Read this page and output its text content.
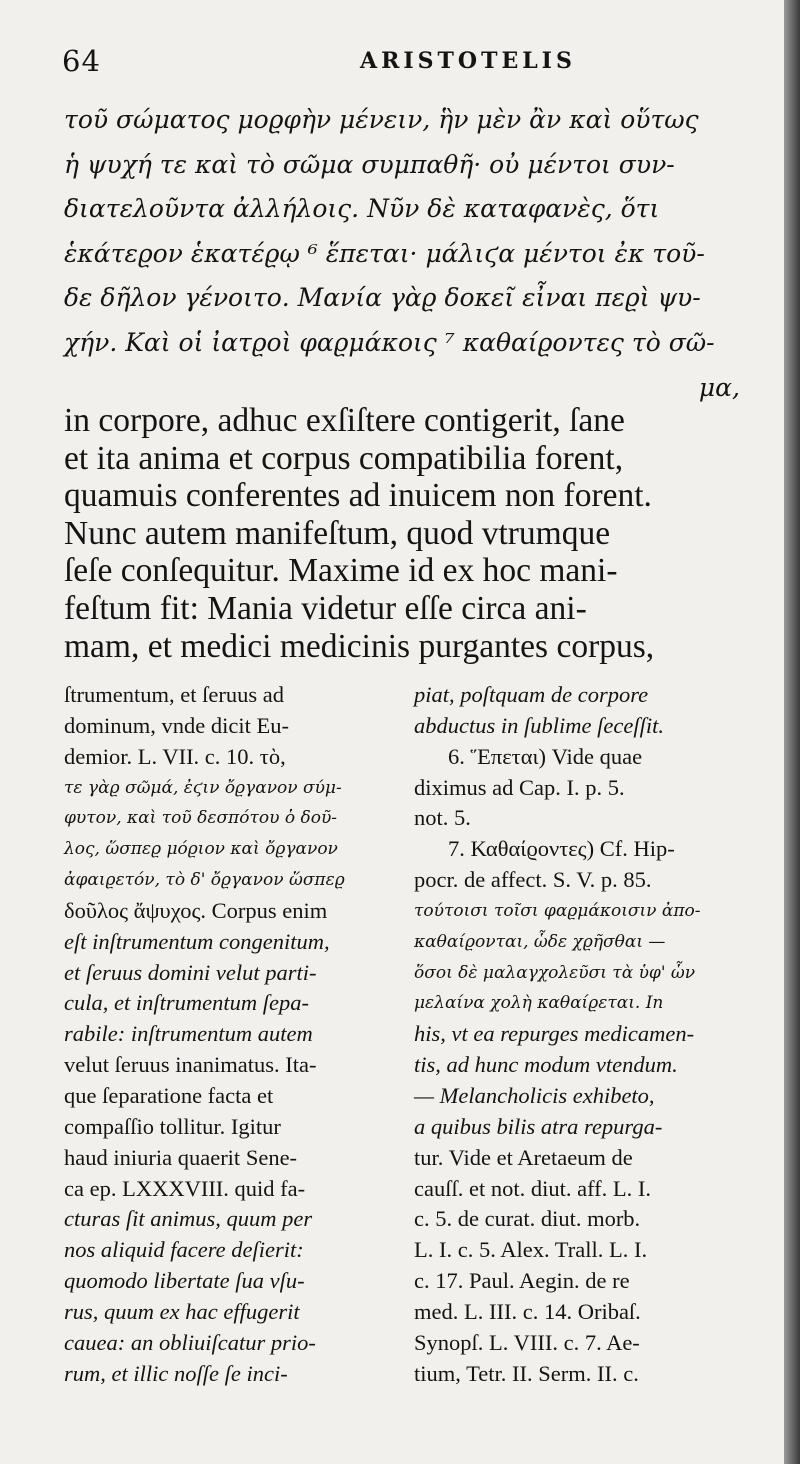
64	ARISTOTELIS
τοῦ σώματος μοϱφὴν μένειν, ἣν μὲν ἂν καὶ οὕτως
ἡ ψυχή τε καὶ τὸ σῶμα συμπαθῆ· οὐ μέντοι συν-
διατελοῦντα ἀλλήλοις. Νῦν δὲ καταφανὲς, ὅτι
ἑκάτεϱον ἑκατέϱῳ ⁶ ἕπεται· μάλιϛα μέντοι ἐκ τοῦ-
δε δῆλον γένοιτο. Μανία γὰϱ δοκεῖ εἶναι πεϱὶ ψυ-
χήν. Καὶ οἱ ἰατϱοὶ φαϱμάκοις ⁷ καθαίϱοντες τὸ σῶ-
μα,
in corpore, adhuc exſiſtere contigerit, ſane
et ita anima et corpus compatibilia forent,
quamuis conferentes ad inuicem non forent.
Nunc autem manifeſtum, quod vtrumque
ſeſe conſequitur. Maxime id ex hoc mani-
feſtum fit: Mania videtur eſſe circa ani-
mam, et medici medicinis purgantes corpus,
ſtrumentum, et ſeruus ad
dominum, vnde dicit Eu-
demior. L. VII. c. 10. τὸ,
τε γὰϱ σῶμά, ἐϛιν ὄϱγανον σύμ-
φυτον, καὶ τοῦ δεσπότου ὁ δοῦ-
λος, ὥσπεϱ μόϱιον καὶ ὄϱγανον
ἀφαιϱετόν, τὸ δ' ὄϱγανον ὥσπεϱ
δοῦλος ἄψυχος. Corpus enim
eſt inſtrumentum congenitum,
et ſeruus domini velut parti-
cula, et inſtrumentum ſepa-
rabile: inſtrumentum autem
velut ſeruus inanimatus. Ita-
que ſeparatione facta et
compaſſio tollitur. Igitur
haud iniuria quaerit Sene-
ca ep. LXXXVIII. quid fa-
cturas ſit animus, quum per
nos aliquid facere deſierit:
quomodo libertate ſua vſu-
rus, quum ex hac effugerit
cauea: an obliuiſcatur prio-
rum, et illic noſſe ſe inci-
piat, poſtquam de corpore
abductus in ſublime ſeceſſit.
6. Ἕπεται) Vide quae
diximus ad Cap. I. p. 5.
not. 5.
7. Καθαίϱοντες) Cf. Hip-
pocr. de affect. S. V. p. 85.
τούτοισι τοῖσι φαϱμάκοισιν ἀπο-
καθαίϱονται, ὧδε χϱῆσθαι —
ὅσοι δὲ μαλαγχολεῦσι τὰ ὑφ' ὧν
μελαίνα χολὴ καθαίϱεται. In
his, vt ea repurges medicamen-
tis, ad hunc modum vtendum.
— Melancholicis exhibeto,
a quibus bilis atra repurga-
tur. Vide et Aretaeum de
cauſſ. et not. diut. aff. L. I.
c. 5. de curat. diut. morb.
L. I. c. 5. Alex. Trall. L. I.
c. 17. Paul. Aegin. de re
med. L. III. c. 14. Oribaſ.
Synopſ. L. VIII. c. 7. Ae-
tium, Tetr. II. Serm. II. c.
